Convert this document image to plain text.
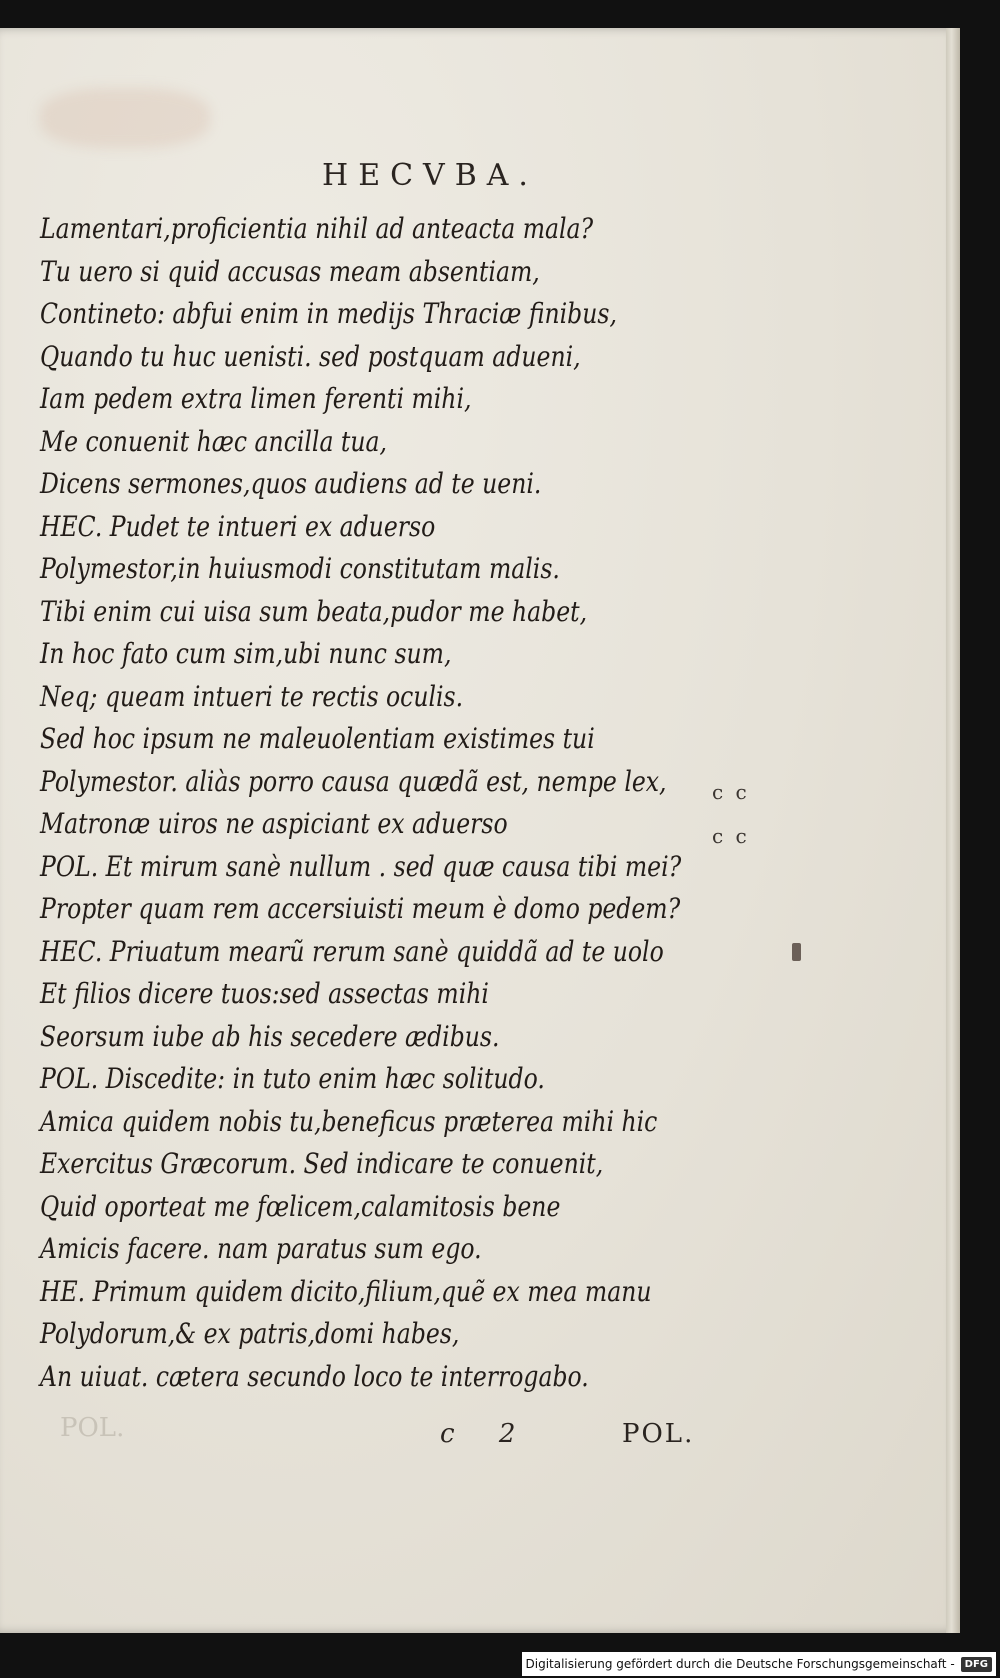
POL.
HECVBA.
Lamentari,proficientia nihil ad anteacta mala?
Tu uero si quid accusas meam absentiam,
Contineto: abfui enim in medijs Thraciæ finibus,
Quando tu huc uenisti. sed postquam adueni,
Iam pedem extra limen ferenti mihi,
Me conuenit hæc ancilla tua,
Dicens sermones,quos audiens ad te ueni.
HEC. Pudet te intueri ex aduerso
Polymestor,in huiusmodi constitutam malis.
Tibi enim cui uisa sum beata,pudor me habet,
In hoc fato cum sim,ubi nunc sum,
Neq; queam intueri te rectis oculis.
Sed hoc ipsum ne maleuolentiam existimes tui
Polymestor. aliàs porro causa quædã est, nempe lex,
Matronæ uiros ne aspiciant ex aduerso
POL. Et mirum sanè nullum . sed quæ causa tibi mei?
Propter quam rem accersiuisti meum è domo pedem?
HEC. Priuatum mearũ rerum sanè quiddã ad te uolo
Et filios dicere tuos:sed assectas mihi
Seorsum iube ab his secedere ædibus.
POL. Discedite: in tuto enim hæc solitudo.
Amica quidem nobis tu,beneficus præterea mihi hic
Exercitus Græcorum. Sed indicare te conuenit,
Quid oporteat me fœlicem,calamitosis bene
Amicis facere. nam paratus sum ego.
HE. Primum quidem dicito,filium,quẽ ex mea manu
Polydorum,& ex patris,domi habes,
An uiuat. cætera secundo loco te interrogabo.
c c
c c
c 2	POL.
Digitalisierung gefördert durch die Deutsche Forschungsgemeinschaft -	DFG
